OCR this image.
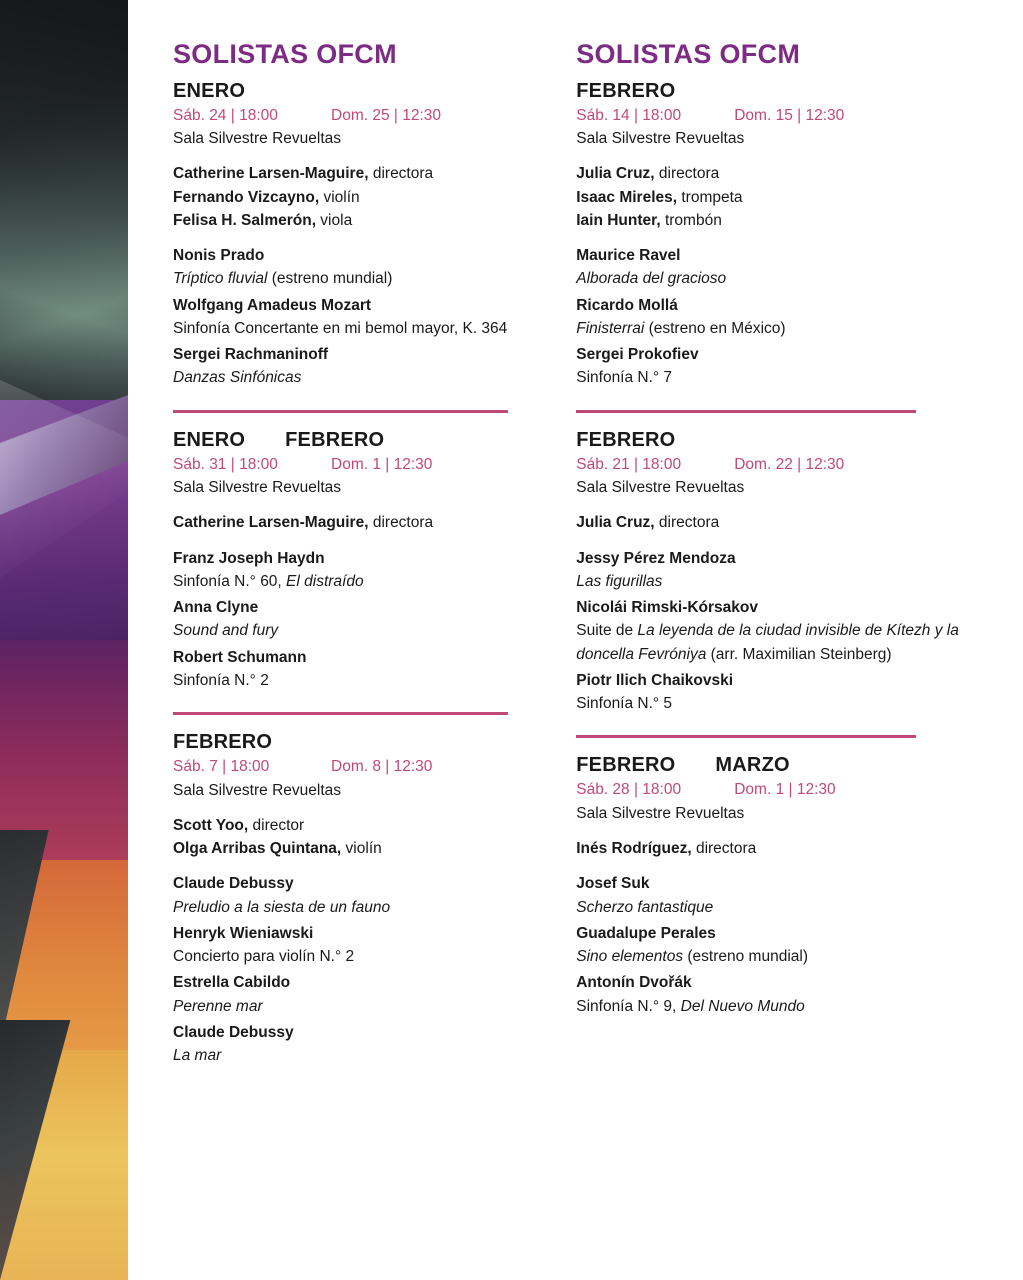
SOLISTAS OFCM
ENERO
Sáb. 24 | 18:00	Dom. 25 | 12:30
Sala Silvestre Revueltas
Catherine Larsen-Maguire, directora
Fernando Vizcayno, violín
Felisa H. Salmerón, viola
Nonis Prado
Tríptico fluvial (estreno mundial)
Wolfgang Amadeus Mozart
Sinfonía Concertante en mi bemol mayor, K. 364
Sergei Rachmaninoff
Danzas Sinfónicas
ENERO FEBRERO
Sáb. 31 | 18:00	Dom. 1 | 12:30
Sala Silvestre Revueltas
Catherine Larsen-Maguire, directora
Franz Joseph Haydn
Sinfonía N.° 60, El distraído
Anna Clyne
Sound and fury
Robert Schumann
Sinfonía N.° 2
FEBRERO
Sáb. 7 | 18:00	Dom. 8 | 12:30
Sala Silvestre Revueltas
Scott Yoo, director
Olga Arribas Quintana, violín
Claude Debussy
Preludio a la siesta de un fauno
Henryk Wieniawski
Concierto para violín N.° 2
Estrella Cabildo
Perenne mar
Claude Debussy
La mar
SOLISTAS OFCM
FEBRERO
Sáb. 14 | 18:00	Dom. 15 | 12:30
Sala Silvestre Revueltas
Julia Cruz, directora
Isaac Mireles, trompeta
Iain Hunter, trombón
Maurice Ravel
Alborada del gracioso
Ricardo Mollá
Finisterrai (estreno en México)
Sergei Prokofiev
Sinfonía N.° 7
FEBRERO
Sáb. 21 | 18:00	Dom. 22 | 12:30
Sala Silvestre Revueltas
Julia Cruz, directora
Jessy Pérez Mendoza
Las figurillas
Nicolái Rimski-Kórsakov
Suite de La leyenda de la ciudad invisible de Kítezh y la doncella Fevróniya (arr. Maximilian Steinberg)
Piotr Ilich Chaikovski
Sinfonía N.° 5
FEBRERO MARZO
Sáb. 28 | 18:00	Dom. 1 | 12:30
Sala Silvestre Revueltas
Inés Rodríguez, directora
Josef Suk
Scherzo fantastique
Guadalupe Perales
Sino elementos (estreno mundial)
Antonín Dvořák
Sinfonía N.° 9, Del Nuevo Mundo
